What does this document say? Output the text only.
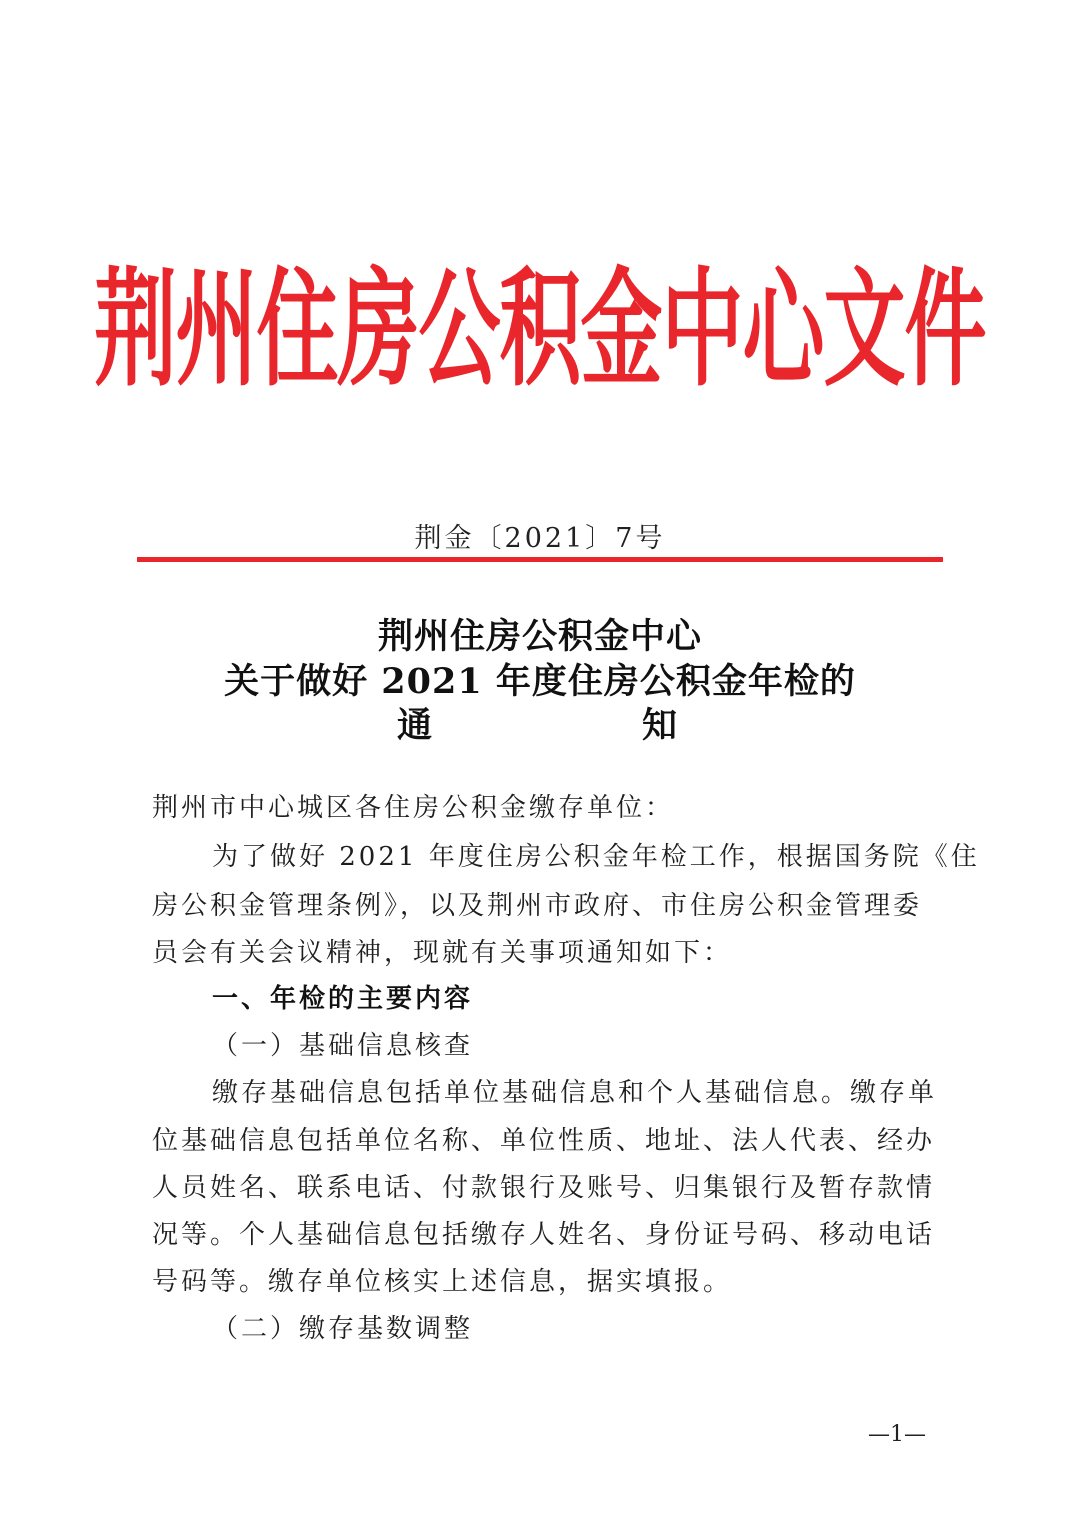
荆州住房公积金中心文件
荆金〔2021〕7号
荆州住房公积金中心
关于做好 2021 年度住房公积金年检的
通	知
荆州市中心城区各住房公积金缴存单位：
为了做好 2021 年度住房公积金年检工作，根据国务院《住
房公积金管理条例》，以及荆州市政府、市住房公积金管理委
员会有关会议精神，现就有关事项通知如下：
一、年检的主要内容
（一）基础信息核查
缴存基础信息包括单位基础信息和个人基础信息。缴存单
位基础信息包括单位名称、单位性质、地址、法人代表、经办
人员姓名、联系电话、付款银行及账号、归集银行及暂存款情
况等。个人基础信息包括缴存人姓名、身份证号码、移动电话
号码等。缴存单位核实上述信息，据实填报。
（二）缴存基数调整
—1—
